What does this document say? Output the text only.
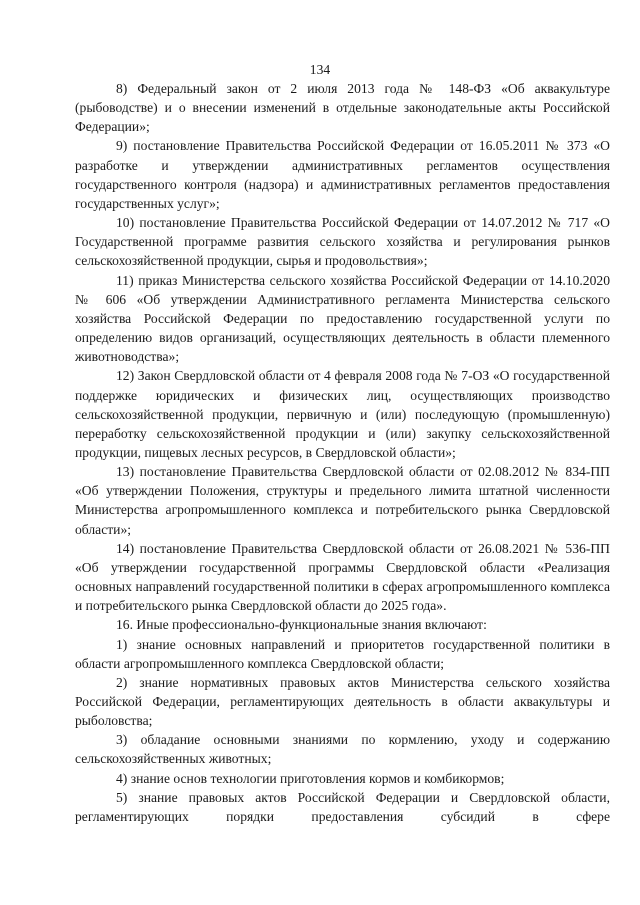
134

8) Федеральный закон от 2 июля 2013 года № 148-ФЗ «Об аквакультуре (рыбоводстве) и о внесении изменений в отдельные законодательные акты Российской Федерации»;

9) постановление Правительства Российской Федерации от 16.05.2011 № 373 «О разработке и утверждении административных регламентов осуществления государственного контроля (надзора) и административных регламентов предоставления государственных услуг»;

10) постановление Правительства Российской Федерации от 14.07.2012 № 717 «О Государственной программе развития сельского хозяйства и регулирования рынков сельскохозяйственной продукции, сырья и продовольствия»;

11) приказ Министерства сельского хозяйства Российской Федерации от 14.10.2020 № 606 «Об утверждении Административного регламента Министерства сельского хозяйства Российской Федерации по предоставлению государственной услуги по определению видов организаций, осуществляющих деятельность в области племенного животноводства»;

12) Закон Свердловской области от 4 февраля 2008 года № 7-ОЗ «О государственной поддержке юридических и физических лиц, осуществляющих производство сельскохозяйственной продукции, первичную и (или) последующую (промышленную) переработку сельскохозяйственной продукции и (или) закупку сельскохозяйственной продукции, пищевых лесных ресурсов, в Свердловской области»;

13) постановление Правительства Свердловской области от 02.08.2012 № 834-ПП «Об утверждении Положения, структуры и предельного лимита штатной численности Министерства агропромышленного комплекса и потребительского рынка Свердловской области»;

14) постановление Правительства Свердловской области от 26.08.2021 № 536-ПП «Об утверждении государственной программы Свердловской области «Реализация основных направлений государственной политики в сферах агропромышленного комплекса и потребительского рынка Свердловской области до 2025 года».

16. Иные профессионально-функциональные знания включают:

1) знание основных направлений и приоритетов государственной политики в области агропромышленного комплекса Свердловской области;

2) знание нормативных правовых актов Министерства сельского хозяйства Российской Федерации, регламентирующих деятельность в области аквакультуры и рыболовства;

3) обладание основными знаниями по кормлению, уходу и содержанию сельскохозяйственных животных;

4) знание основ технологии приготовления кормов и комбикормов;

5) знание правовых актов Российской Федерации и Свердловской области, регламентирующих порядки предоставления субсидий в сфере
